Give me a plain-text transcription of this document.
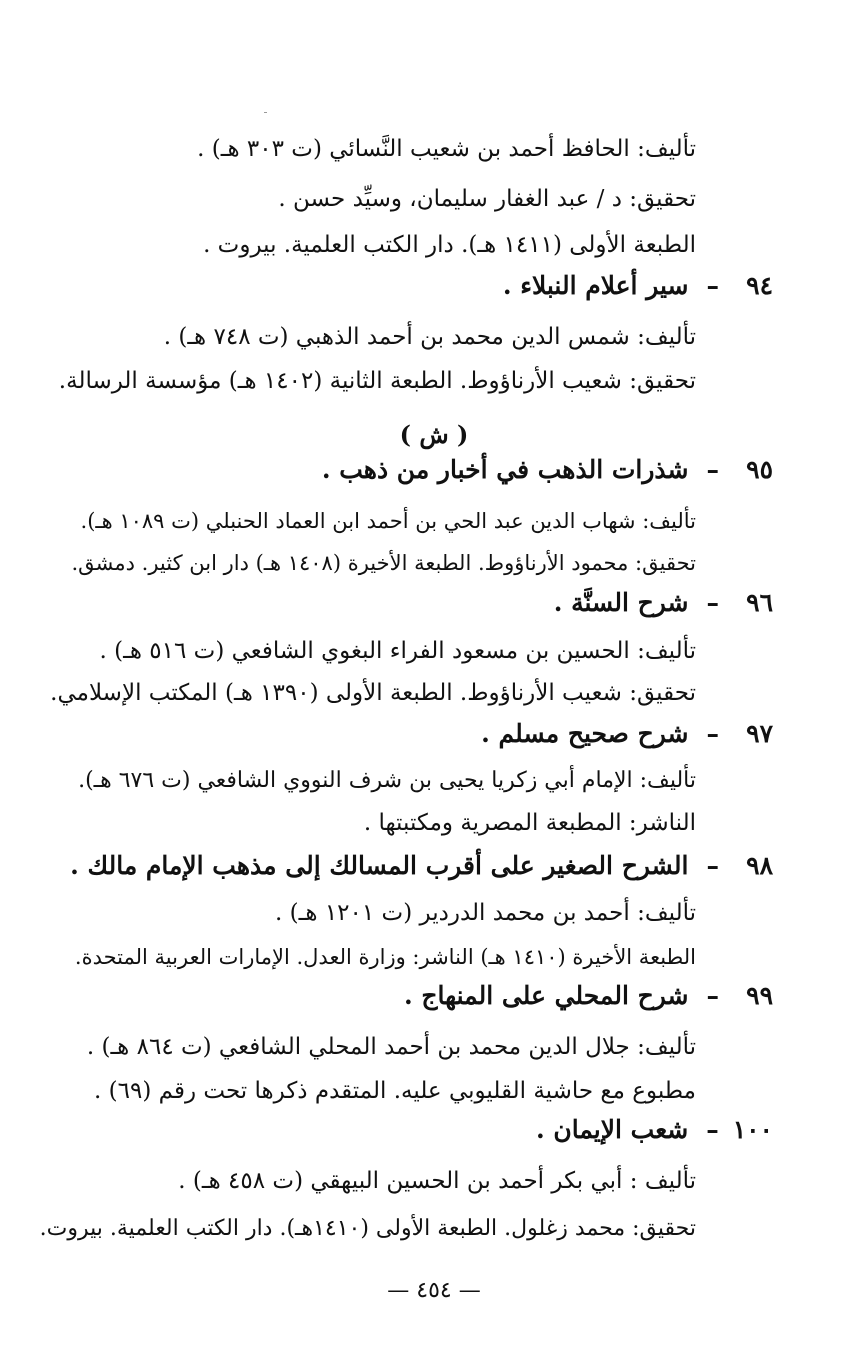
تأليف: الحافظ أحمد بن شعيب النَّسائي (ت ٣٠٣ هـ) .
تحقيق: د / عبد الغفار سليمان، وسيِّد حسن .
الطبعة الأولى (١٤١١ هـ). دار الكتب العلمية. بيروت .
٩٤
–
سير أعلام النبلاء .
تأليف: شمس الدين محمد بن أحمد الذهبي (ت ٧٤٨ هـ) .
تحقيق: شعيب الأرناؤوط. الطبعة الثانية (١٤٠٢ هـ) مؤسسة الرسالة.
( ش )
٩٥
–
شذرات الذهب في أخبار من ذهب .
تأليف: شهاب الدين عبد الحي بن أحمد ابن العماد الحنبلي (ت ١٠٨٩ هـ).
تحقيق: محمود الأرناؤوط. الطبعة الأخيرة (١٤٠٨ هـ) دار ابن كثير. دمشق.
٩٦
–
شرح السنَّة .
تأليف: الحسين بن مسعود الفراء البغوي الشافعي (ت ٥١٦ هـ) .
تحقيق: شعيب الأرناؤوط. الطبعة الأولى (١٣٩٠ هـ) المكتب الإسلامي.
٩٧
–
شرح صحيح مسلم .
تأليف: الإمام أبي زكريا يحيى بن شرف النووي الشافعي (ت ٦٧٦ هـ).
الناشر: المطبعة المصرية ومكتبتها .
٩٨
–
الشرح الصغير على أقرب المسالك إلى مذهب الإمام مالك .
تأليف: أحمد بن محمد الدردير (ت ١٢٠١ هـ) .
الطبعة الأخيرة (١٤١٠ هـ) الناشر: وزارة العدل. الإمارات العربية المتحدة.
٩٩
–
شرح المحلي على المنهاج .
تأليف: جلال الدين محمد بن أحمد المحلي الشافعي (ت ٨٦٤ هـ) .
مطبوع مع حاشية القليوبي عليه. المتقدم ذكرها تحت رقم (٦٩) .
١٠٠
–
شعب الإيمان .
تأليف : أبي بكر أحمد بن الحسين البيهقي (ت ٤٥٨ هـ) .
تحقيق: محمد زغلول. الطبعة الأولى (١٤١٠هـ). دار الكتب العلمية. بيروت.
— ٤٥٤ —
